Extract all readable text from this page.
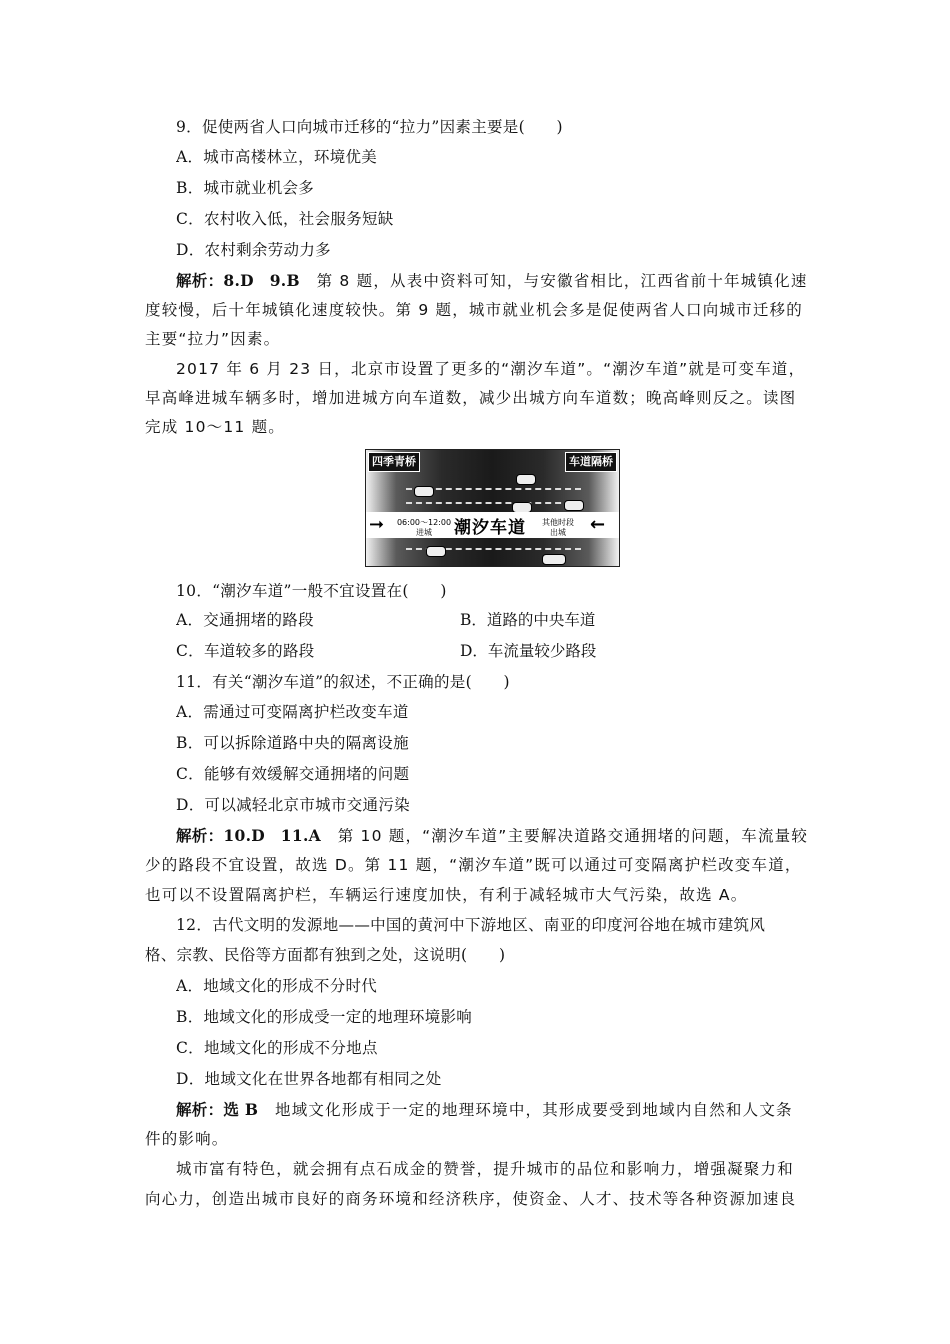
9．促使两省人口向城市迁移的“拉力”因素主要是(　　)
A．城市高楼林立，环境优美
B．城市就业机会多
C．农村收入低，社会服务短缺
D．农村剩余劳动力多
解析：8.D　9.B　第 8 题，从表中资料可知，与安徽省相比，江西省前十年城镇化速
度较慢，后十年城镇化速度较快。第 9 题，城市就业机会多是促使两省人口向城市迁移的
主要“拉力”因素。
2017 年 6 月 23 日，北京市设置了更多的“潮汐车道”。“潮汐车道”就是可变车道，
早高峰进城车辆多时，增加进城方向车道数，减少出城方向车道数；晚高峰则反之。读图
完成 10～11 题。
四季青桥	车道隔桥
➞	06:00～12:00
进城	潮汐车道	其他时段
出城	←
10．“潮汐车道”一般不宜设置在(　　)
A．交通拥堵的路段	B．道路的中央车道
C．车道较多的路段	D．车流量较少路段
11．有关“潮汐车道”的叙述，不正确的是(　　)
A．需通过可变隔离护栏改变车道
B．可以拆除道路中央的隔离设施
C．能够有效缓解交通拥堵的问题
D．可以减轻北京市城市交通污染
解析：10.D　11.A　第 10 题，“潮汐车道”主要解决道路交通拥堵的问题，车流量较
少的路段不宜设置，故选 D。第 11 题，“潮汐车道”既可以通过可变隔离护栏改变车道，
也可以不设置隔离护栏，车辆运行速度加快，有利于减轻城市大气污染，故选 A。
12．古代文明的发源地——中国的黄河中下游地区、南亚的印度河谷地在城市建筑风
格、宗教、民俗等方面都有独到之处，这说明(　　)
A．地域文化的形成不分时代
B．地域文化的形成受一定的地理环境影响
C．地域文化的形成不分地点
D．地域文化在世界各地都有相同之处
解析：选 B　地域文化形成于一定的地理环境中，其形成要受到地域内自然和人文条
件的影响。
城市富有特色，就会拥有点石成金的赞誉，提升城市的品位和影响力，增强凝聚力和
向心力，创造出城市良好的商务环境和经济秩序，使资金、人才、技术等各种资源加速良
